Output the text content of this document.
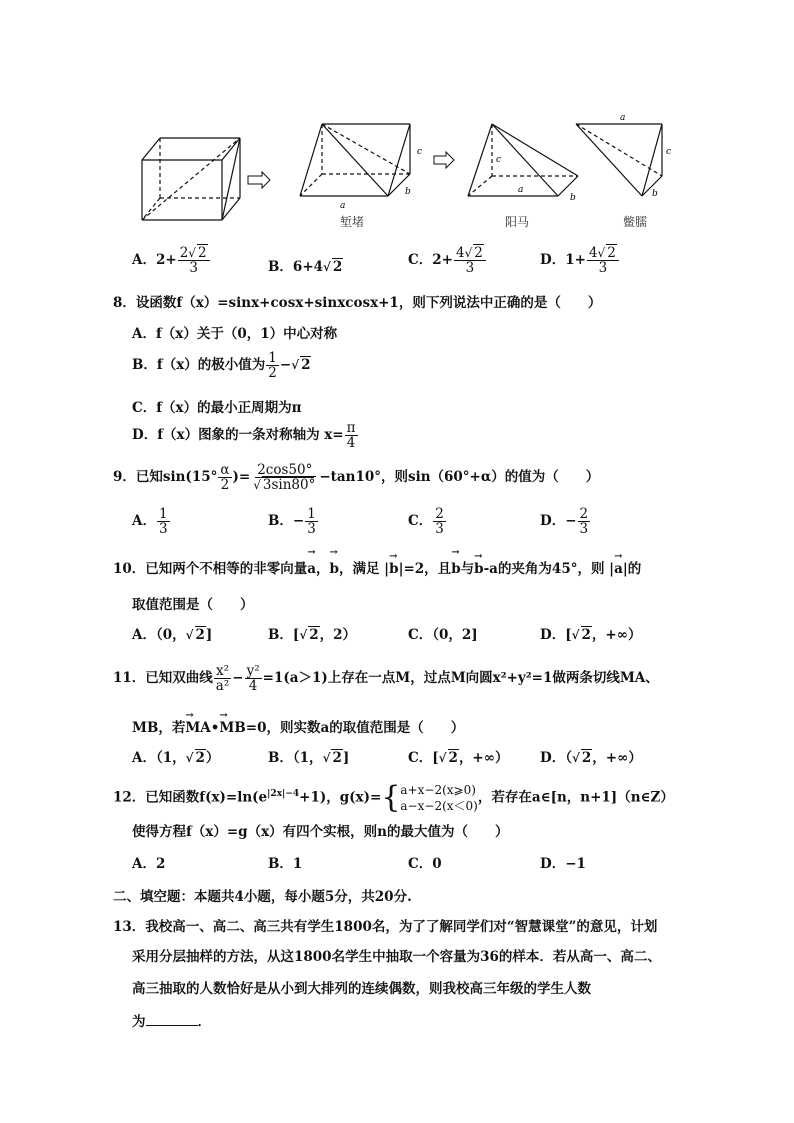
a
b
c
a
b
c
a
b
c
堑堵	阳马	鳖臑
A．$2+ \frac{2√ 2}{3}$	B．6+4√ 2	C．$2+ \frac{4√ 2}{3}$	D．$1+ \frac{4√ 2}{3}$
8．设函数f（x）=sinx+cosx+sinxcosx+1，则下列说法中正确的是（　　）
A．f（x）关于（0，1）中心对称
B．f（x）的极小值为 $\frac{1}{2}$ −√ 2
C．f（x）的最小正周期为π
D．f（x）图象的一条对称轴为 $x= \frac{\pi}{4}$
9．已知$\sin(15^\circ \frac{\alpha}{2}$ )= $\frac{2\cos 50^\circ}{√ 3\sin 80^\circ} -\tan 10^\circ$，则sin（60°+α）的值为（　　）
A． $\frac{1}{3}$	B．− $\frac{1}{3}$	C． $\frac{2}{3}$	D．− $\frac{2}{3}$
10．已知两个不相等的非零向量→ a，→ b，满足 |→ b|=2，且→ b与→ b-a的夹角为45°，则 |→ a|的
取值范围是（　　）
A．（0，√ 2]	B．[√ 2，2）	C．（0，2]	D．[√ 2，+∞）
11．已知双曲线 $\frac{\text{x²}}{\text{a²}} - \frac{\text{y²}}{4} =1(a>1)$上存在一点M，过点M向圆x²+y²=1做两条切线MA、
MB，若→ MA•→ MB=0，则实数a的取值范围是（　　）
A．（1，√ 2）	B．（1，√ 2]	C．[√ 2，+∞） D．（√ 2，+∞）
12．已知函数$f(x)=\ln(e^{|2x|-4}+1)$，g(x)= { a+x−2(x⩾0)
a−x−2(x＜0)
，若存在a∈[n，n+1]（n∈Z）
使得方程f（x）=g（x）有四个实根，则n的最大值为（　　）
A．2	B．1	C．0	D．−1
二、填空题：本题共4小题，每小题5分，共20分.
13．我校高一、高二、高三共有学生1800名，为了了解同学们对“智慧课堂”的意见，计划
采用分层抽样的方法，从这1800名学生中抽取一个容量为36的样本．若从高一、高二、
高三抽取的人数恰好是从小到大排列的连续偶数，则我校高三年级的学生人数
为	．
